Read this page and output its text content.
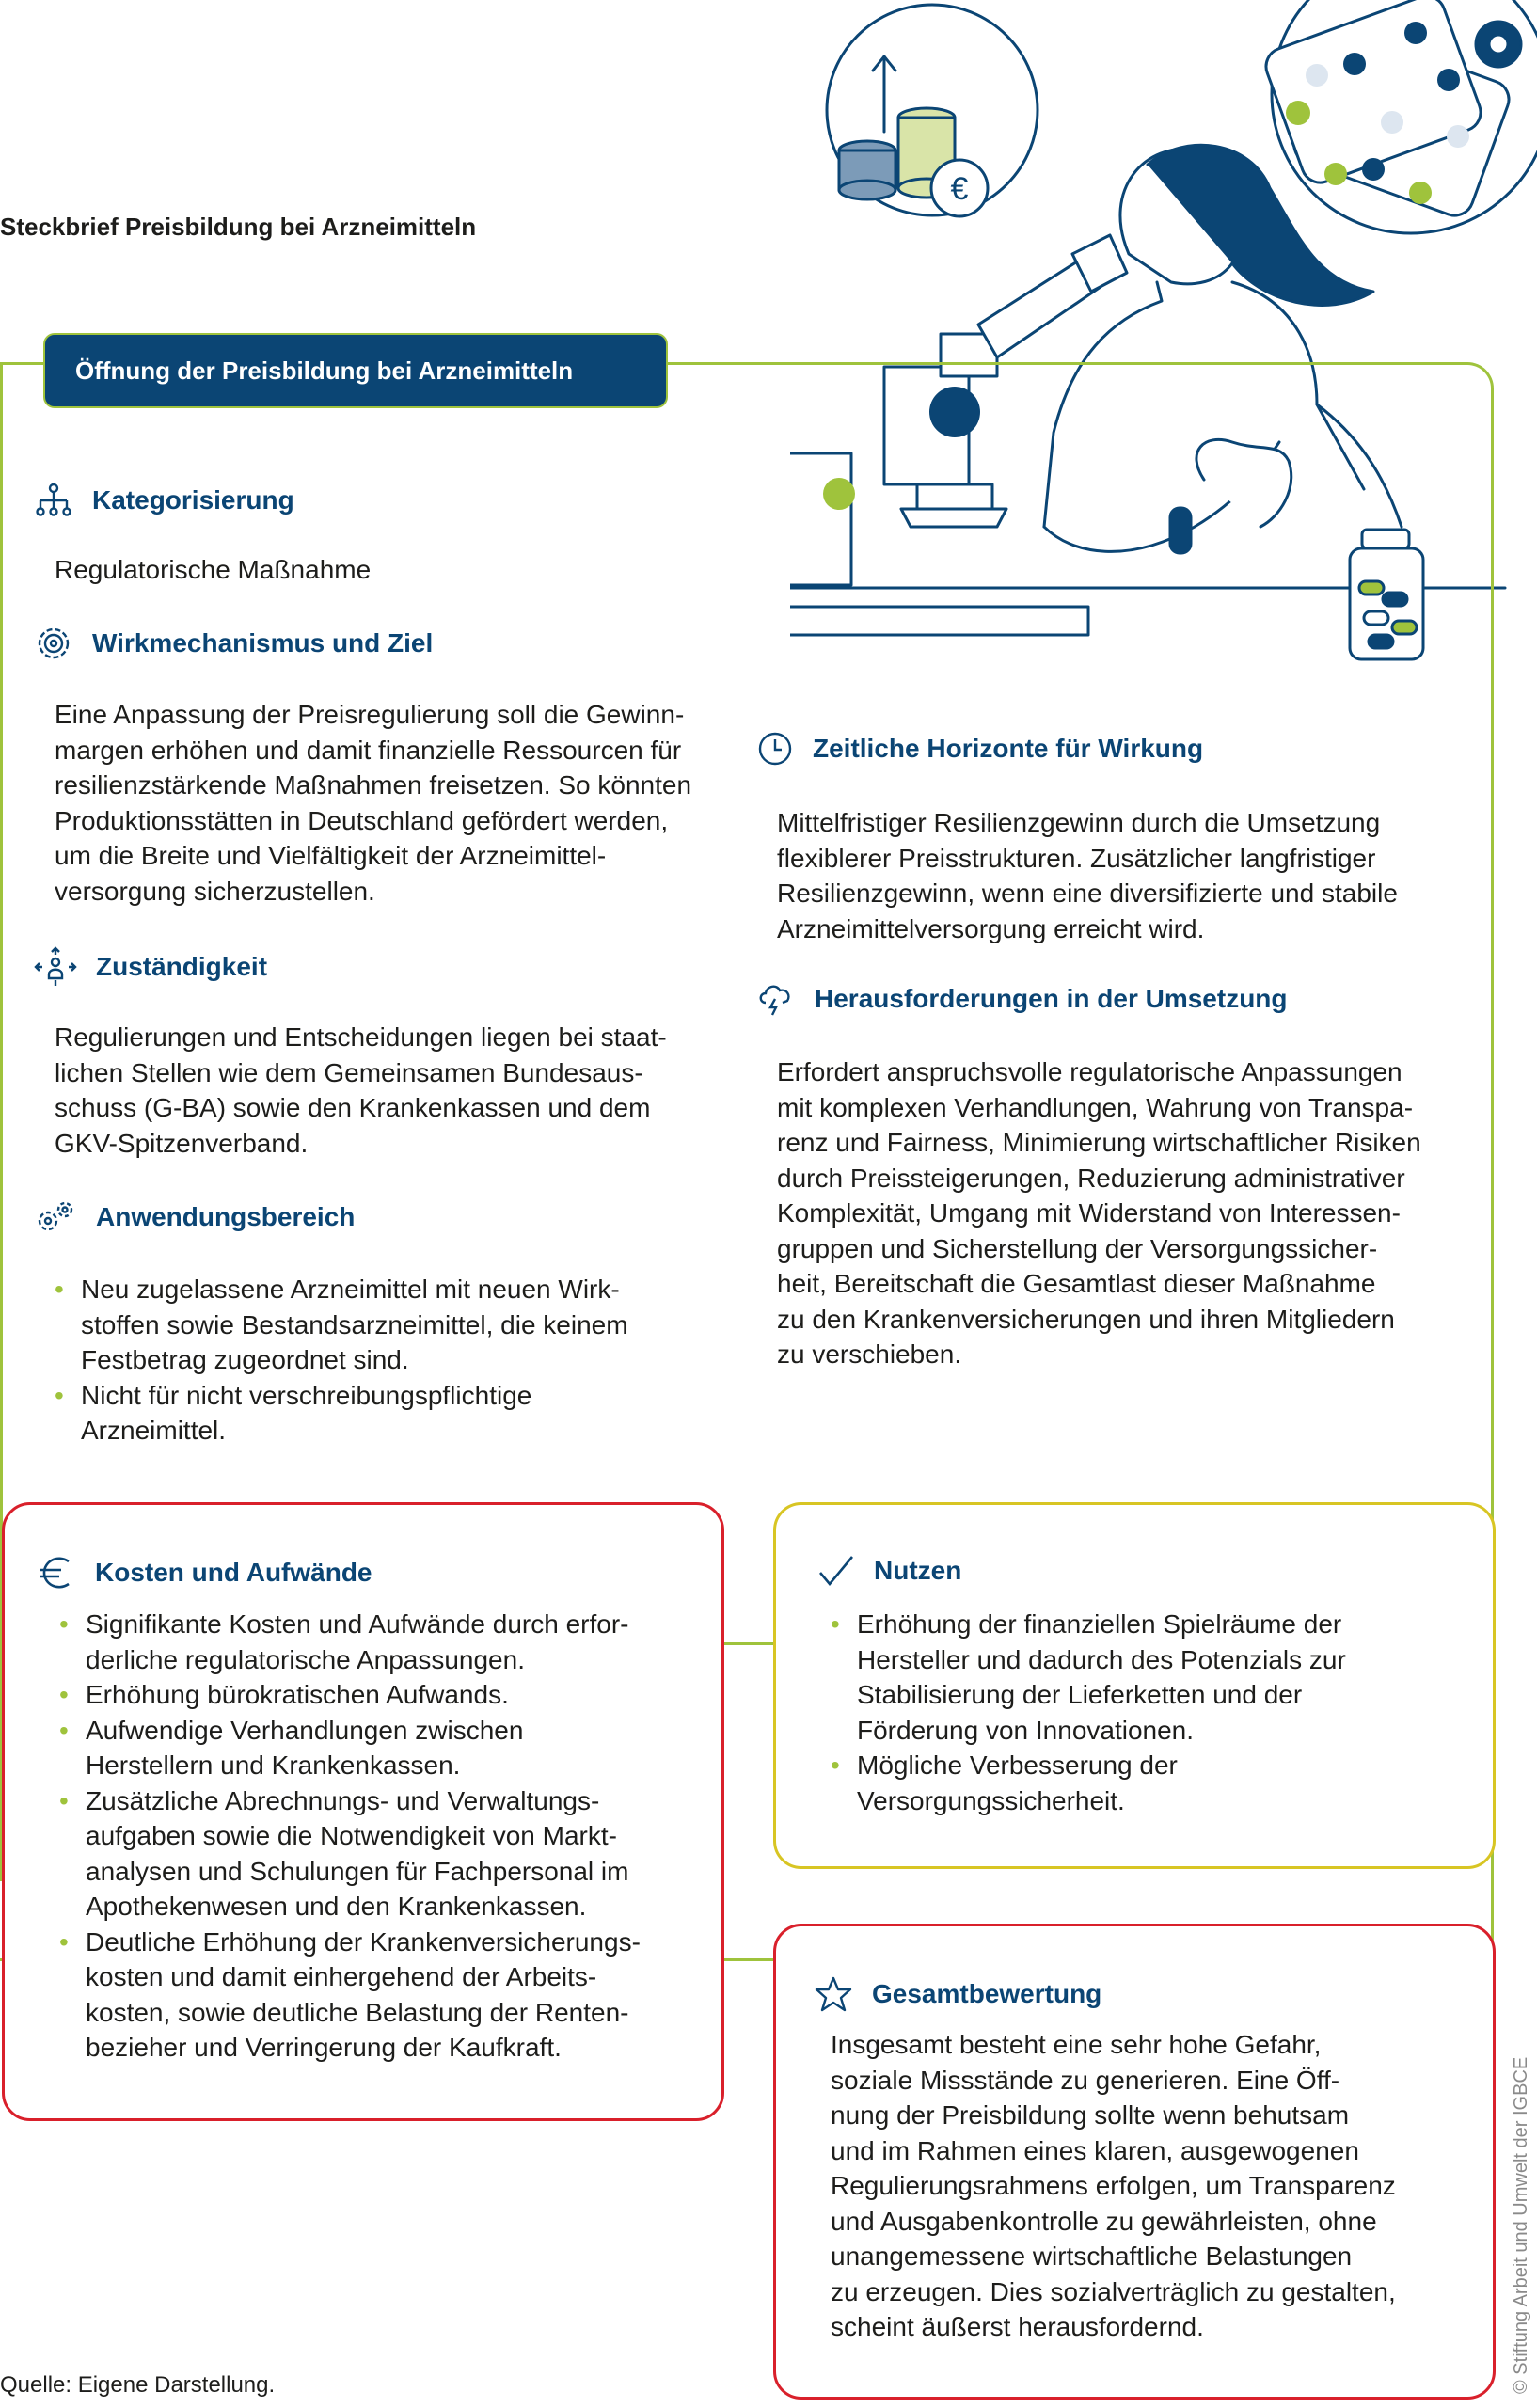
Steckbrief Preisbildung bei Arzneimitteln
€
Öffnung der Preisbildung bei Arzneimitteln
Kategorisierung
Regulatorische Maßnahme
Wirkmechanismus und Ziel
Eine Anpassung der Preisregulierung soll die Gewinn-
margen erhöhen und damit finanzielle Ressourcen für
resilienzstärkende Maßnahmen freisetzen. So könnten
Produktionsstätten in Deutschland gefördert werden,
um die Breite und Vielfältigkeit der Arzneimittel-
versorgung sicherzustellen.
Zuständigkeit
Regulierungen und Entscheidungen liegen bei staat-
lichen Stellen wie dem Gemeinsamen Bundesaus-
schuss (G-BA) sowie den Krankenkassen und dem
GKV-Spitzenverband.
Anwendungsbereich
• Neu zugelassene Arzneimittel mit neuen Wirk-
stoffen sowie Bestandsarzneimittel, die keinem
Festbetrag zugeordnet sind.
• Nicht für nicht verschreibungspflichtige
Arzneimittel.
Zeitliche Horizonte für Wirkung
Mittelfristiger Resilienzgewinn durch die Umsetzung
flexiblerer Preisstrukturen. Zusätzlicher langfristiger
Resilienzgewinn, wenn eine diversifizierte und stabile
Arzneimittelversorgung erreicht wird.
Herausforderungen in der Umsetzung
Erfordert anspruchsvolle regulatorische Anpassungen
mit komplexen Verhandlungen, Wahrung von Transpa-
renz und Fairness, Minimierung wirtschaftlicher Risiken
durch Preissteigerungen, Reduzierung administrativer
Komplexität, Umgang mit Widerstand von Interessen-
gruppen und Sicherstellung der Versorgungssicher-
heit, Bereitschaft die Gesamtlast dieser Maßnahme
zu den Krankenversicherungen und ihren Mitgliedern
zu verschieben.
Kosten und Aufwände
• Signifikante Kosten und Aufwände durch erfor-
derliche regulatorische Anpassungen.
• Erhöhung bürokratischen Aufwands.
• Aufwendige Verhandlungen zwischen
Herstellern und Krankenkassen.
• Zusätzliche Abrechnungs- und Verwaltungs-
aufgaben sowie die Notwendigkeit von Markt-
analysen und Schulungen für Fachpersonal im
Apothekenwesen und den Krankenkassen.
• Deutliche Erhöhung der Krankenversicherungs-
kosten und damit einhergehend der Arbeits-
kosten, sowie deutliche Belastung der Renten-
bezieher und Verringerung der Kaufkraft.
Nutzen
• Erhöhung der finanziellen Spielräume der
Hersteller und dadurch des Potenzials zur
Stabilisierung der Lieferketten und der
Förderung von Innovationen.
• Mögliche Verbesserung der
Versorgungssicherheit.
Gesamtbewertung
Insgesamt besteht eine sehr hohe Gefahr,
soziale Missstände zu generieren. Eine Öff-
nung der Preisbildung sollte wenn behutsam
und im Rahmen eines klaren, ausgewogenen
Regulierungsrahmens erfolgen, um Transparenz
und Ausgabenkontrolle zu gewährleisten, ohne
unangemessene wirtschaftliche Belastungen
zu erzeugen. Dies sozialverträglich zu gestalten,
scheint äußerst herausfordernd.
Quelle: Eigene Darstellung.	© Stiftung Arbeit und Umwelt der IGBCE
